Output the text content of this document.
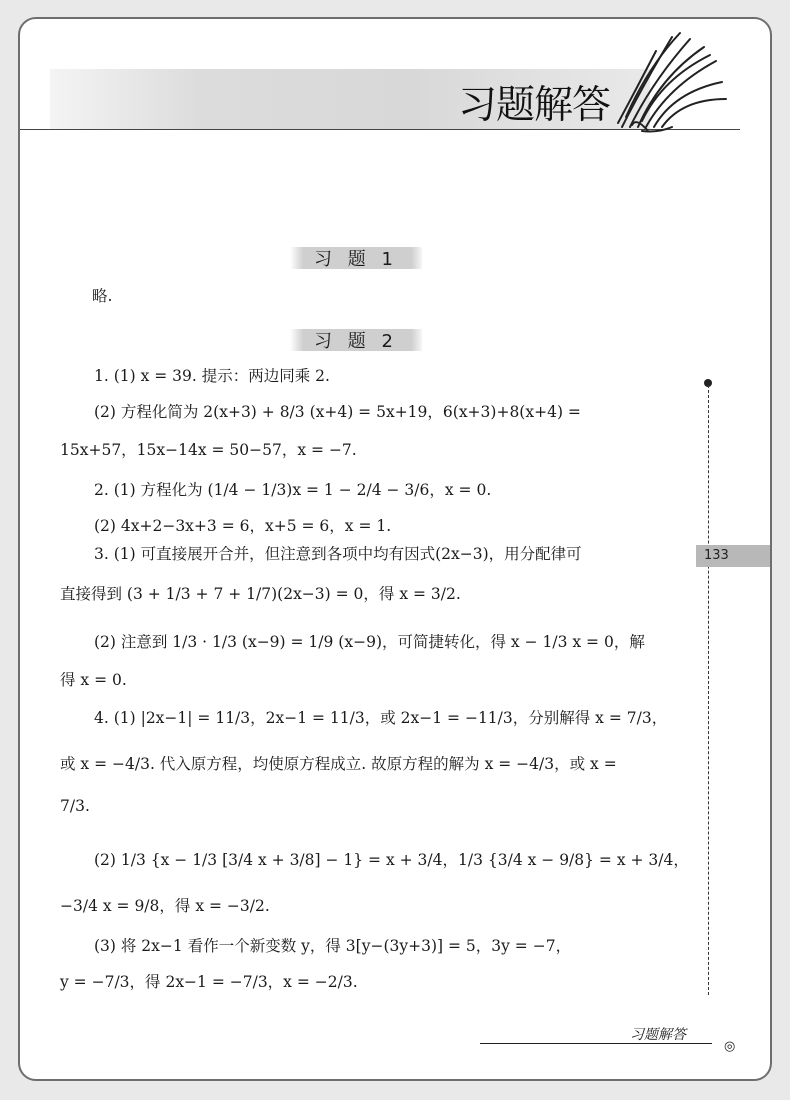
习题解答
习 题 1
略.
习 题 2
1. (1) x = 39. 提示：两边同乘 2.
(2) 方程化简为 2(x+3) + 8/3 (x+4) = 5x+19，6(x+3)+8(x+4) =
15x+57，15x−14x = 50−57，x = −7.
2. (1) 方程化为 (1/4 − 1/3)x = 1 − 2/4 − 3/6，x = 0.
(2) 4x+2−3x+3 = 6，x+5 = 6，x = 1.
3. (1) 可直接展开合并，但注意到各项中均有因式(2x−3)，用分配律可
直接得到 (3 + 1/3 + 7 + 1/7)(2x−3) = 0，得 x = 3/2.
(2) 注意到 1/3 · 1/3 (x−9) = 1/9 (x−9)，可简捷转化，得 x − 1/3 x = 0，解
得 x = 0.
4. (1) |2x−1| = 11/3，2x−1 = 11/3，或 2x−1 = −11/3，分别解得 x = 7/3，
或 x = −4/3. 代入原方程，均使原方程成立. 故原方程的解为 x = −4/3，或 x =
7/3.
(2) 1/3 {x − 1/3 [3/4 x + 3/8] − 1} = x + 3/4，1/3 {3/4 x − 9/8} = x + 3/4，
−3/4 x = 9/8，得 x = −3/2.
(3) 将 2x−1 看作一个新变数 y，得 3[y−(3y+3)] = 5，3y = −7，
y = −7/3，得 2x−1 = −7/3，x = −2/3.
133
习题解答
◎
